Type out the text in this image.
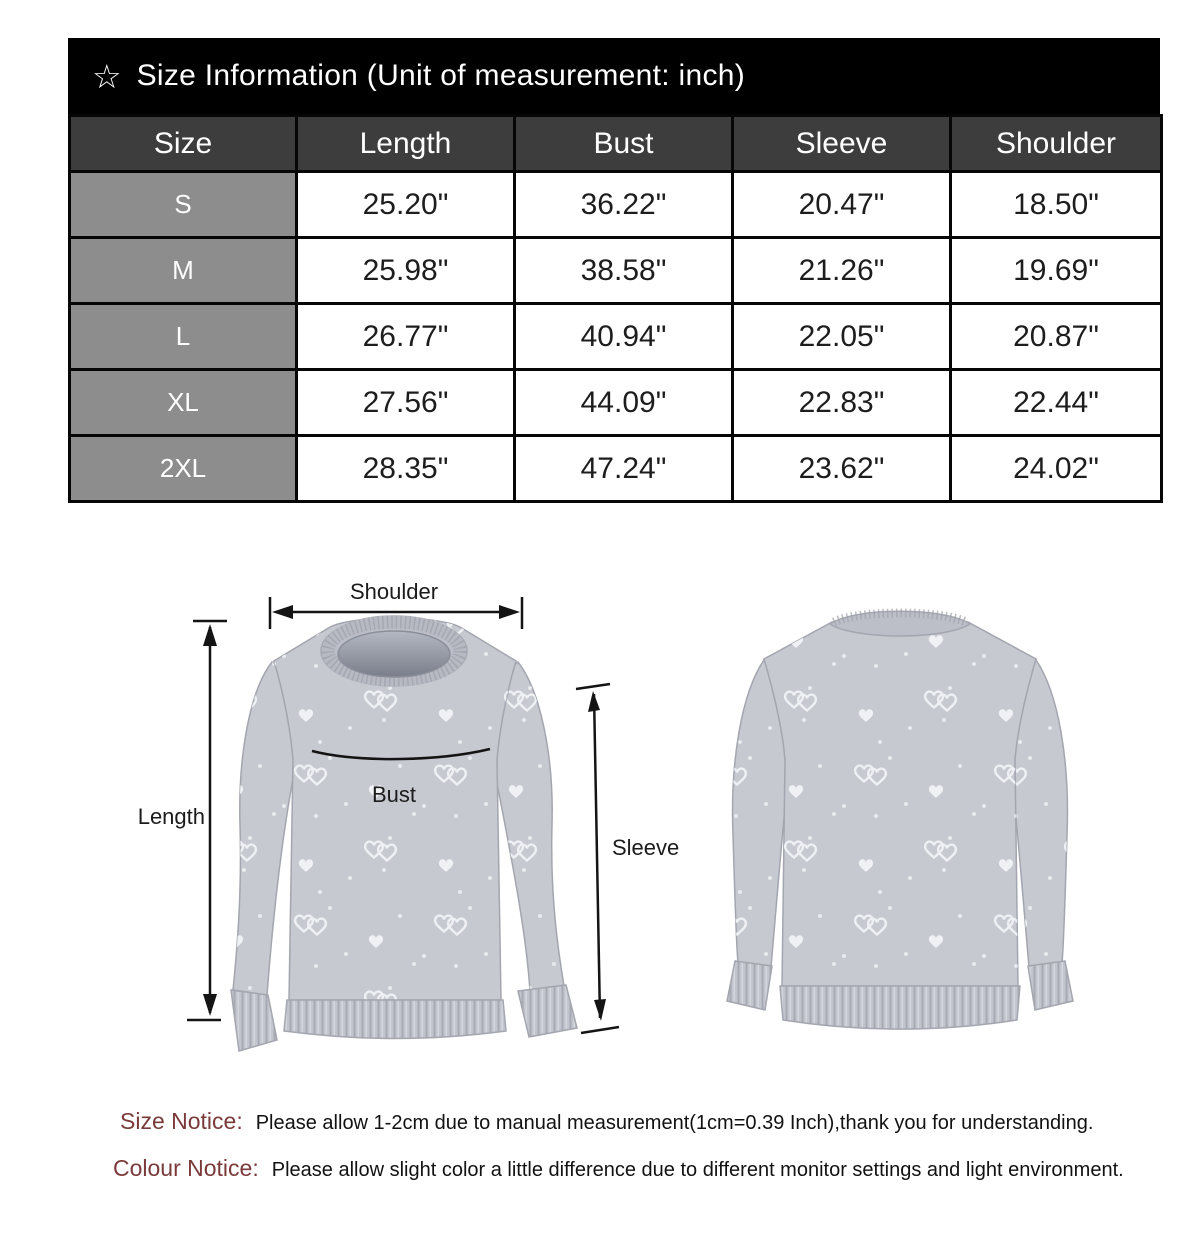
☆ Size Information (Unit of measurement: inch)
Size	Length	Bust	Sleeve	Shoulder
S	25.20"	36.22"	20.47"	18.50"
M	25.98"	38.58"	21.26"	19.69"
L	26.77"	40.94"	22.05"	20.87"
XL	27.56"	44.09"	22.83"	22.44"
2XL	28.35"	47.24"	23.62"	24.02"
Shoulder
Length
Bust
Sleeve

Size Notice: Please allow 1-2cm due to manual measurement(1cm=0.39 Inch),thank you for understanding.

Colour Notice: Please allow slight color a little difference due to different monitor settings and light environment.
